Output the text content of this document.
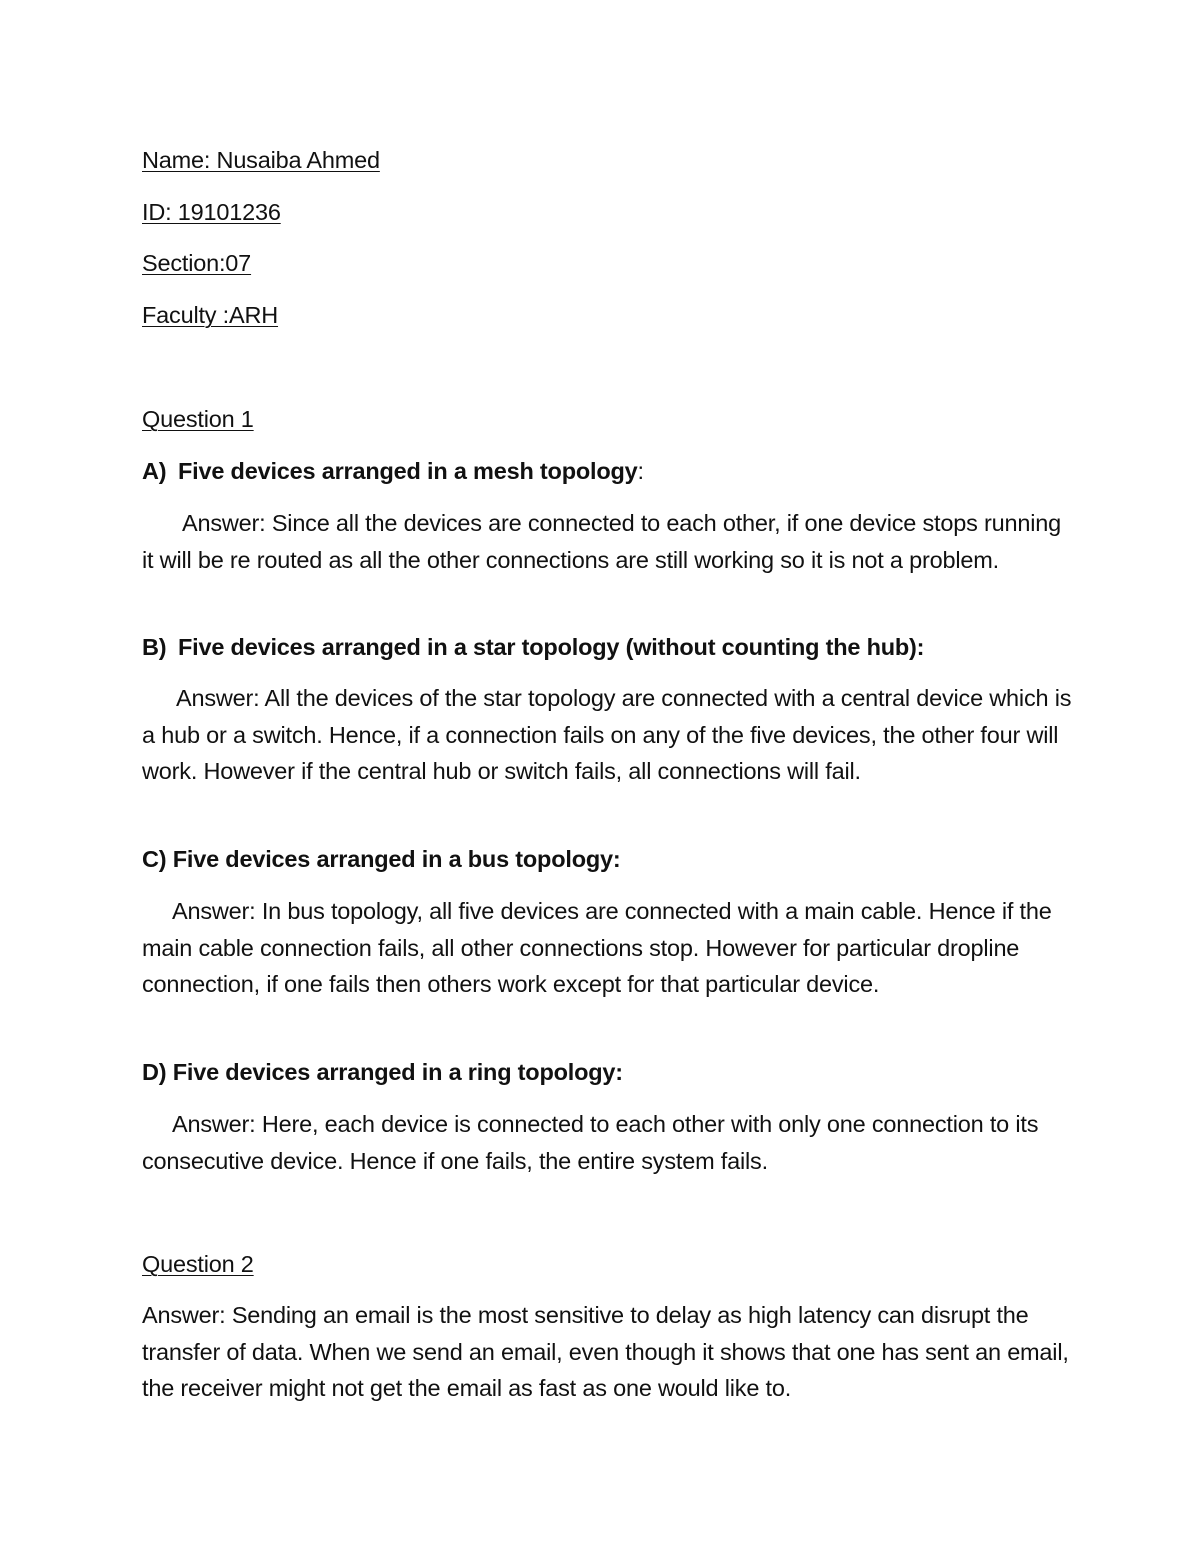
Name: Nusaiba Ahmed

ID: 19101236

Section:07

Faculty :ARH

Question 1

A) Five devices arranged in a mesh topology:

Answer: Since all the devices are connected to each other, if one device stops running it will be re routed as all the other connections are still working so it is not a problem.

B) Five devices arranged in a star topology (without counting the hub):

Answer: All the devices of the star topology are connected with a central device which is a hub or a switch. Hence, if a connection fails on any of the five devices, the other four will work. However if the central hub or switch fails, all connections will fail.

C) Five devices arranged in a bus topology:

Answer: In bus topology, all five devices are connected with a main cable. Hence if the main cable connection fails, all other connections stop. However for particular dropline connection, if one fails then others work except for that particular device.

D) Five devices arranged in a ring topology:

Answer: Here, each device is connected to each other with only one connection to its consecutive device. Hence if one fails, the entire system fails.

Question 2

Answer: Sending an email is the most sensitive to delay as high latency can disrupt the transfer of data. When we send an email, even though it shows that one has sent an email, the receiver might not get the email as fast as one would like to.
